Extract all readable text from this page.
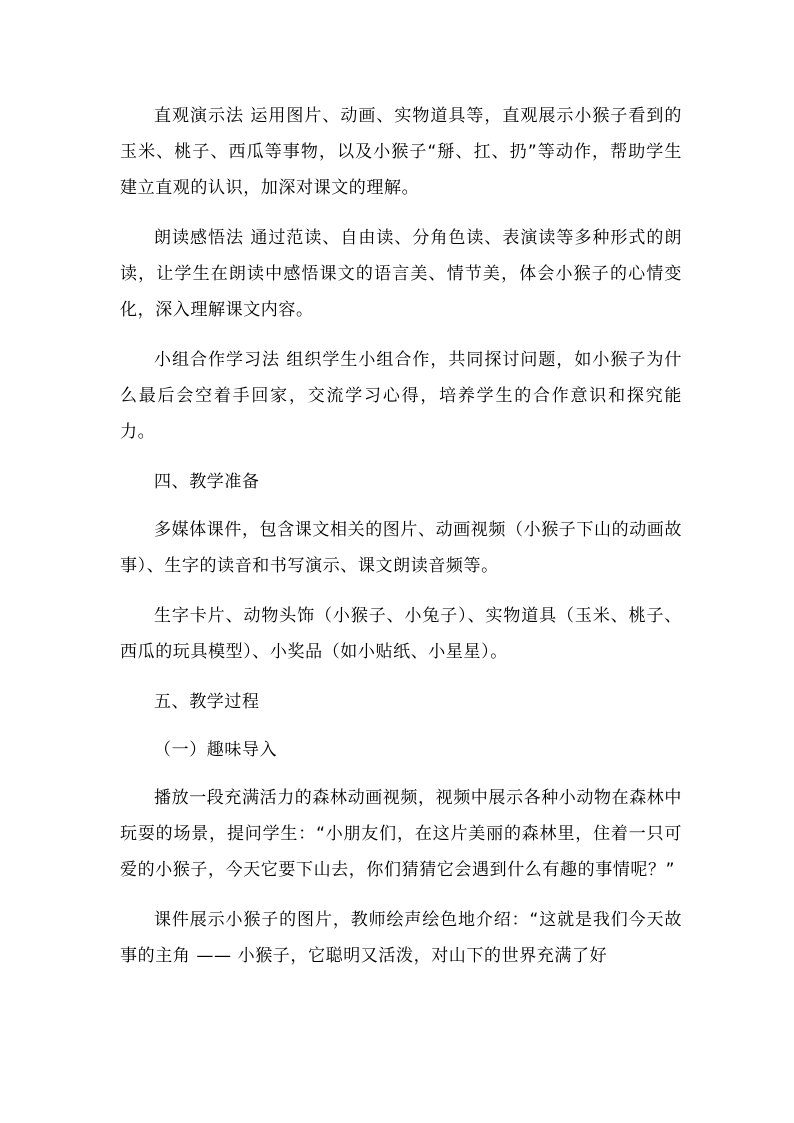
直观演示法 运用图片、动画、实物道具等，直观展示小猴子看到的玉米、桃子、西瓜等事物，以及小猴子“掰、扛、扔”等动作，帮助学生建立直观的认识，加深对课文的理解。

朗读感悟法 通过范读、自由读、分角色读、表演读等多种形式的朗读，让学生在朗读中感悟课文的语言美、情节美，体会小猴子的心情变化，深入理解课文内容。

小组合作学习法 组织学生小组合作，共同探讨问题，如小猴子为什么最后会空着手回家，交流学习心得，培养学生的合作意识和探究能力。

四、教学准备

多媒体课件，包含课文相关的图片、动画视频（小猴子下山的动画故事）、生字的读音和书写演示、课文朗读音频等。

生字卡片、动物头饰（小猴子、小兔子）、实物道具（玉米、桃子、西瓜的玩具模型）、小奖品（如小贴纸、小星星）。

五、教学过程

（一）趣味导入

播放一段充满活力的森林动画视频，视频中展示各种小动物在森林中玩耍的场景，提问学生：“小朋友们，在这片美丽的森林里，住着一只可爱的小猴子，今天它要下山去，你们猜猜它会遇到什么有趣的事情呢？”

课件展示小猴子的图片，教师绘声绘色地介绍：“这就是我们今天故事的主角 —— 小猴子，它聪明又活泼，对山下的世界充满了好
